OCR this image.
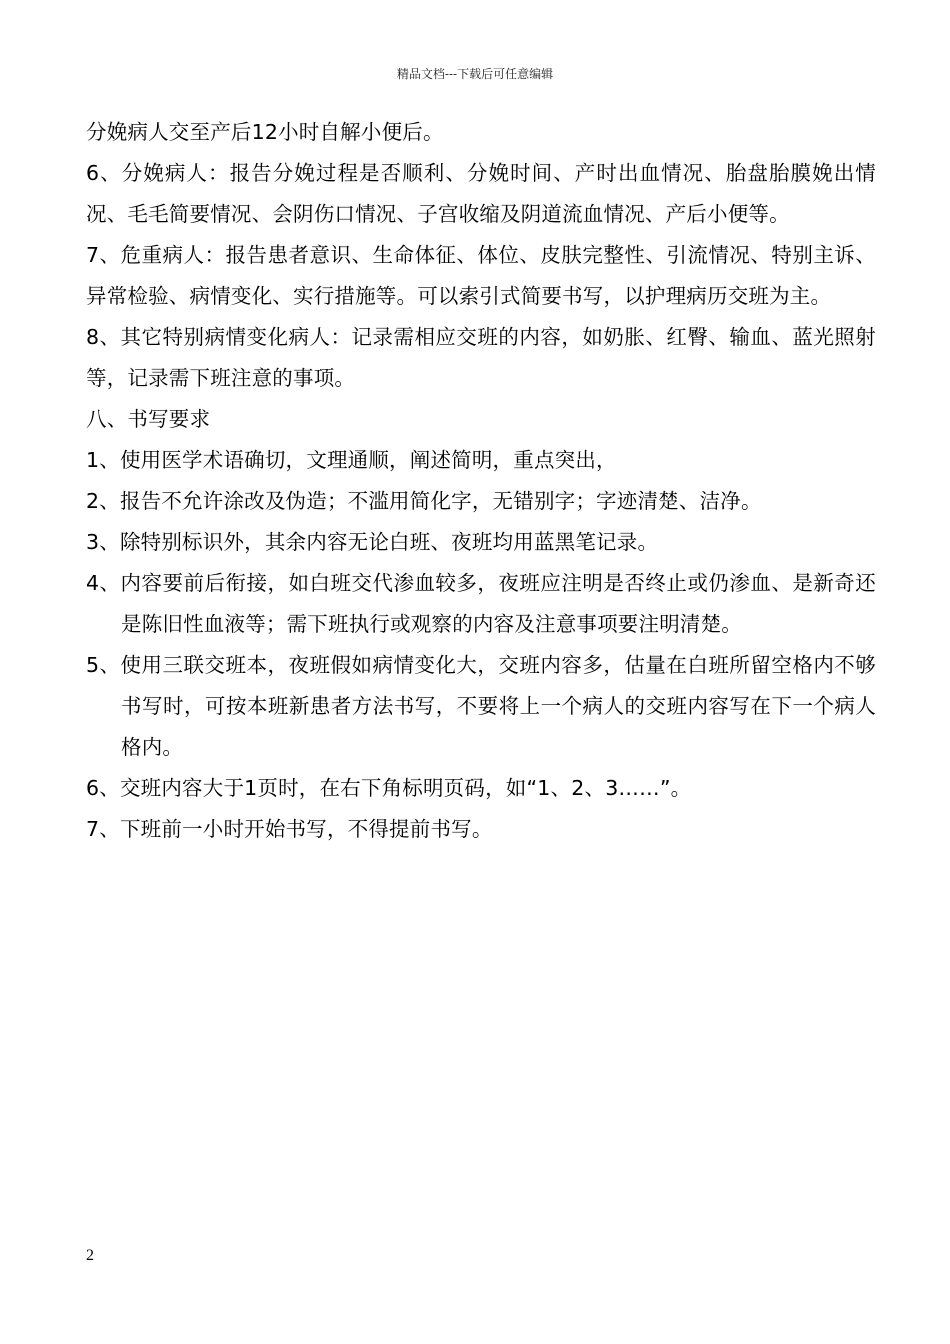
精品文档---下载后可任意编辑

分娩病人交至产后12小时自解小便后。

6、分娩病人：报告分娩过程是否顺利、分娩时间、产时出血情况、胎盘胎膜娩出情况、毛毛简要情况、会阴伤口情况、子宫收缩及阴道流血情况、产后小便等。

7、危重病人：报告患者意识、生命体征、体位、皮肤完整性、引流情况、特别主诉、异常检验、病情变化、实行措施等。可以索引式简要书写，以护理病历交班为主。

8、其它特别病情变化病人：记录需相应交班的内容，如奶胀、红臀、输血、蓝光照射等，记录需下班注意的事项。

八、书写要求

1、使用医学术语确切，文理通顺，阐述简明，重点突出，

2、报告不允许涂改及伪造；不滥用简化字，无错别字；字迹清楚、洁净。

3、除特别标识外，其余内容无论白班、夜班均用蓝黑笔记录。

4、内容要前后衔接，如白班交代渗血较多，夜班应注明是否终止或仍渗血、是新奇还是陈旧性血液等；需下班执行或观察的内容及注意事项要注明清楚。

5、使用三联交班本，夜班假如病情变化大，交班内容多，估量在白班所留空格内不够书写时，可按本班新患者方法书写，不要将上一个病人的交班内容写在下一个病人格内。

6、交班内容大于1页时，在右下角标明页码，如“1、2、3……”。

7、下班前一小时开始书写，不得提前书写。

2
